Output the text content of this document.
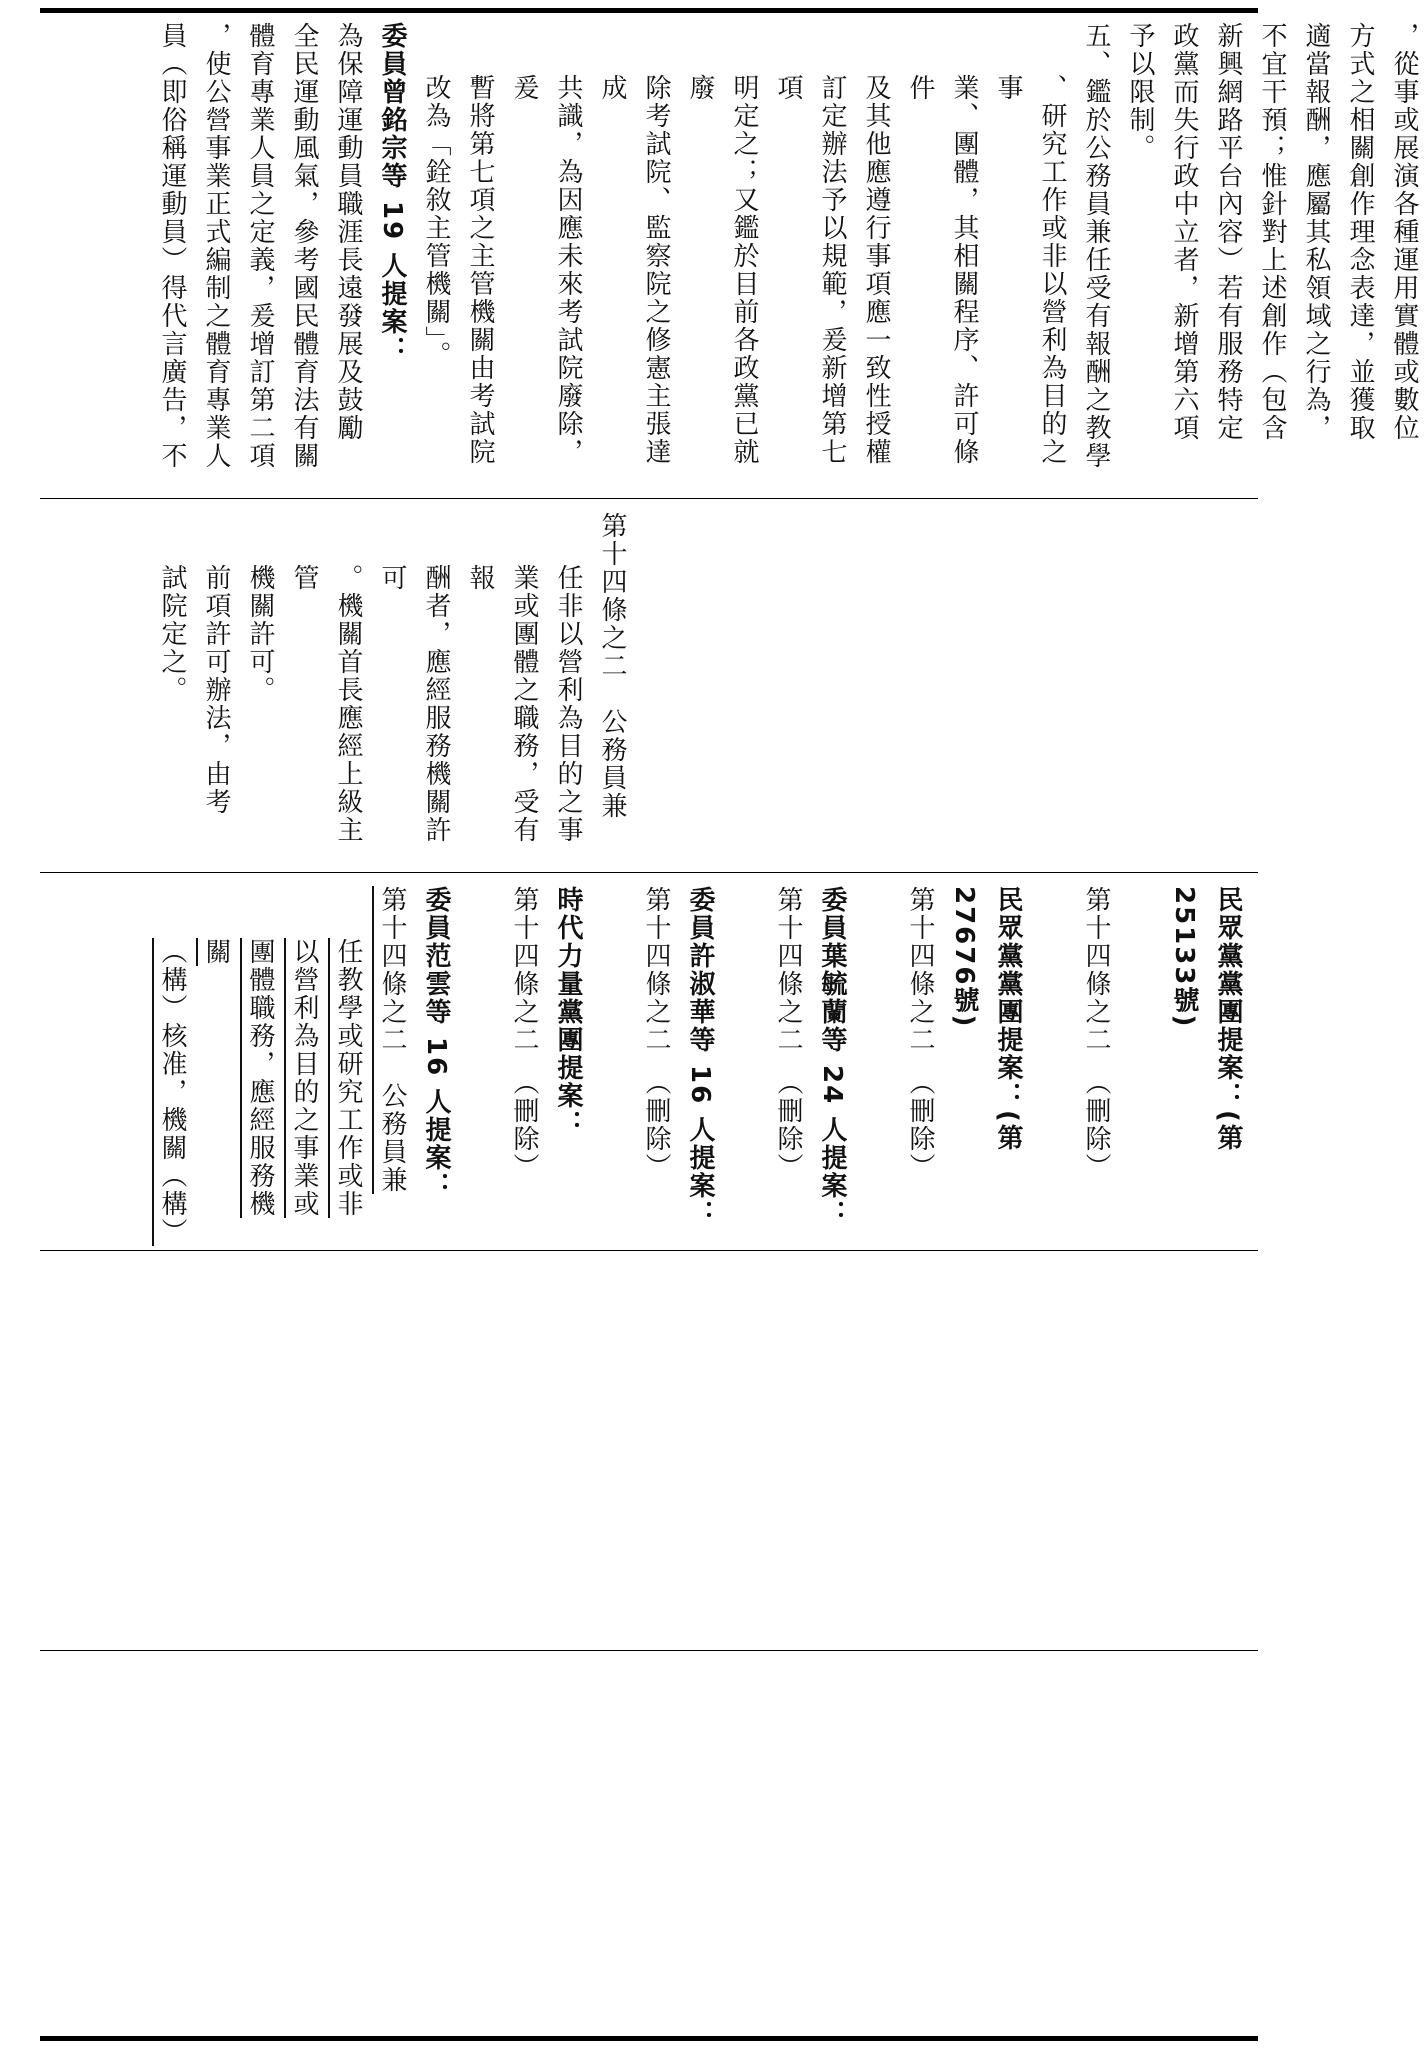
，從事或展演各種運用實體或數位
方式之相關創作理念表達，並獲取
適當報酬，應屬其私領域之行為，
不宜干預；惟針對上述創作（包含
新興網路平台內容）若有服務特定
政黨而失行政中立者，新增第六項
予以限制。
五、鑑於公務員兼任受有報酬之教學
、研究工作或非以營利為目的之事
業、團體，其相關程序、許可條件
及其他應遵行事項應一致性授權
訂定辦法予以規範，爰新增第七項
明定之；又鑑於目前各政黨已就廢
除考試院、監察院之修憲主張達成
共識，為因應未來考試院廢除，爰
暫將第七項之主管機關由考試院
改為「銓敘主管機關」。
委員曾銘宗等 19 人提案：
為保障運動員職涯長遠發展及鼓勵
全民運動風氣，參考國民體育法有關
體育專業人員之定義，爰增訂第二項
，使公營事業正式編制之體育專業人
員（即俗稱運動員）得代言廣告，不
第十四條之二　公務員兼
任非以營利為目的之事
業或團體之職務，受有報
酬者，應經服務機關許可
。機關首長應經上級主管
機關許可。
前項許可辦法，由考
試院定之。
民眾黨黨團提案：(第25133號)
第十四條之二　（刪除）
民眾黨黨團提案：(第27676號)
第十四條之二　（刪除）
委員葉毓蘭等 24 人提案：
第十四條之二　（刪除）
委員許淑華等 16 人提案：
第十四條之二　（刪除）
時代力量黨團提案：
第十四條之二　（刪除）
委員范雲等 16 人提案：
第十四條之二　公務員兼
任教學或研究工作或非
以營利為目的之事業或
團體職務，應經服務機關
（構）核准，機關（構）
